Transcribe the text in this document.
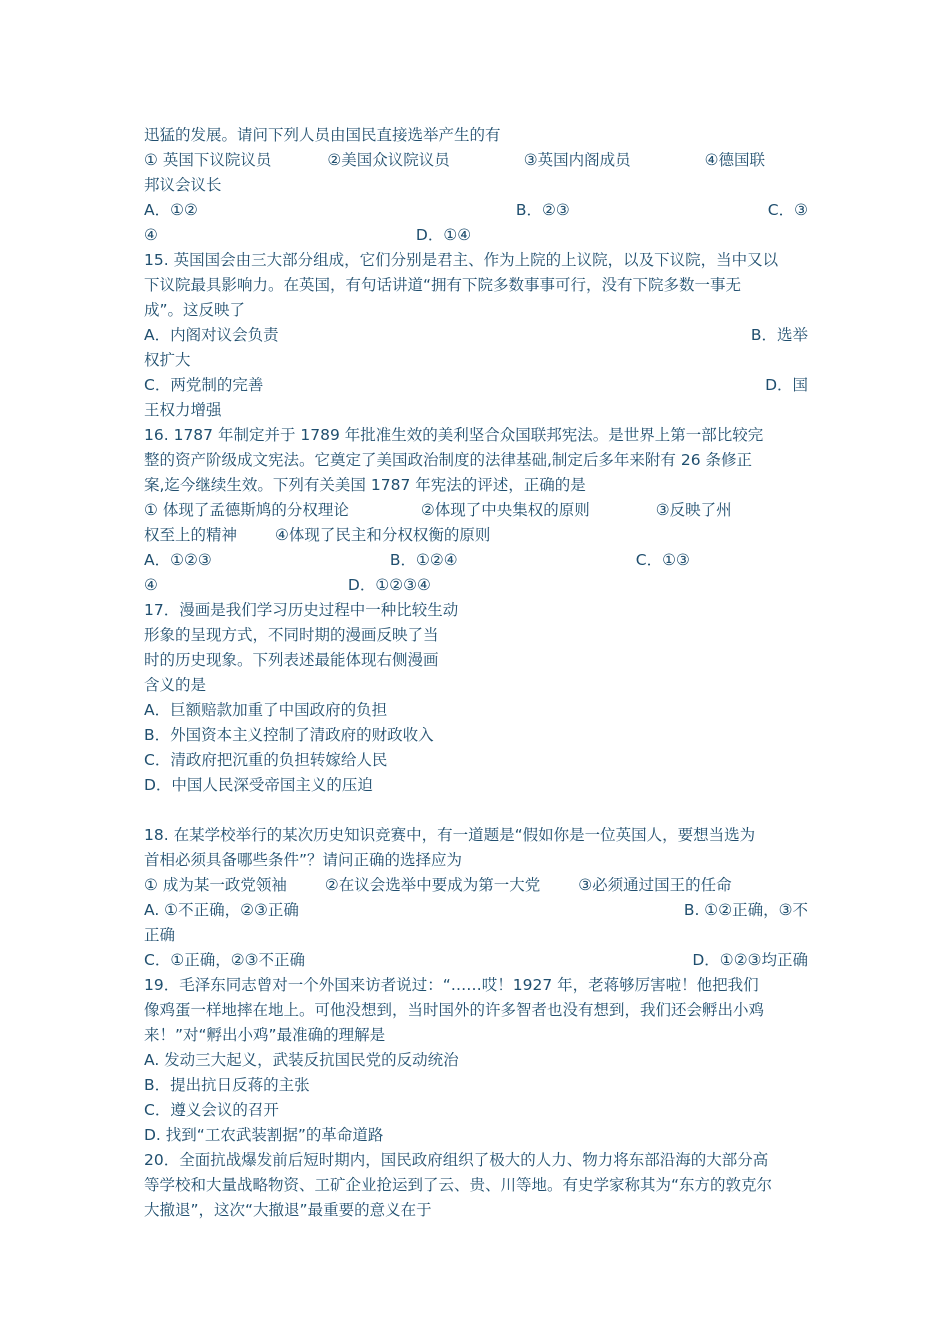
迅猛的发展。请问下列人员由国民直接选举产生的有
① 英国下议院议员	②美国众议院议员	③英国内阁成员	④德国联
邦议会议长
A．①②	B．②③	C．③
④	D．①④
15. 英国国会由三大部分组成，它们分别是君主、作为上院的上议院，以及下议院，当中又以
下议院最具影响力。在英国，有句话讲道“拥有下院多数事事可行，没有下院多数一事无
成”。这反映了
A．内阁对议会负责	B．选举
权扩大
C．两党制的完善	D．国
王权力增强
16. 1787 年制定并于 1789 年批准生效的美利坚合众国联邦宪法。是世界上第一部比较完
整的资产阶级成文宪法。它奠定了美国政治制度的法律基础,制定后多年来附有 26 条修正
案,迄今继续生效。下列有关美国 1787 年宪法的评述，正确的是
① 体现了孟德斯鸠的分权理论	②体现了中央集权的原则	③反映了州
权至上的精神 ④体现了民主和分权权衡的原则
A．①②③	B．①②④	C．①③
④	D．①②③④
17．漫画是我们学习历史过程中一种比较生动
形象的呈现方式，不同时期的漫画反映了当
时的历史现象。下列表述最能体现右侧漫画
含义的是
A．巨额赔款加重了中国政府的负担
B．外国资本主义控制了清政府的财政收入
C．清政府把沉重的负担转嫁给人民
D．中国人民深受帝国主义的压迫
18. 在某学校举行的某次历史知识竞赛中，有一道题是“假如你是一位英国人，要想当选为
首相必须具备哪些条件”？请问正确的选择应为
① 成为某一政党领袖 ②在议会选举中要成为第一大党 ③必须通过国王的任命
A. ①不正确，②③正确	B. ①②正确，③不
正确
C．①正确，②③不正确	D．①②③均正确
19．毛泽东同志曾对一个外国来访者说过：“……哎！1927 年，老蒋够厉害啦！他把我们
像鸡蛋一样地摔在地上。可他没想到，当时国外的许多智者也没有想到，我们还会孵出小鸡
来！”对“孵出小鸡”最准确的理解是
A. 发动三大起义，武装反抗国民党的反动统治
B．提出抗日反蒋的主张
C．遵义会议的召开
D. 找到“工农武装割据”的革命道路
20．全面抗战爆发前后短时期内，国民政府组织了极大的人力、物力将东部沿海的大部分高
等学校和大量战略物资、工矿企业抢运到了云、贵、川等地。有史学家称其为“东方的敦克尔
大撤退”，这次“大撤退”最重要的意义在于
